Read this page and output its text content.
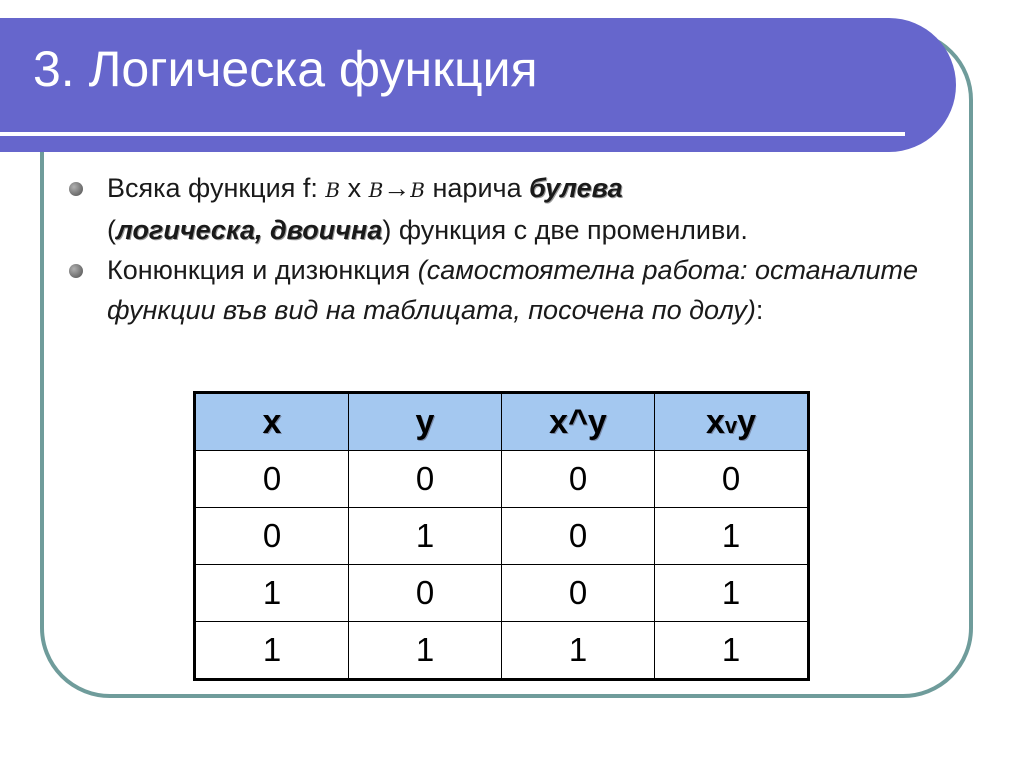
3. Логическа функция
Всяка функция f: B x B→B нарича булева
(логическа, двоична) функция с две променливи.
Конюнкция и дизюнкция (самостоятелна работа: останалите функции във вид на таблицата, посочена по долу):
x	y	x^y	xvy
0	0	0	0
0	1	0	1
1	0	0	1
1	1	1	1
